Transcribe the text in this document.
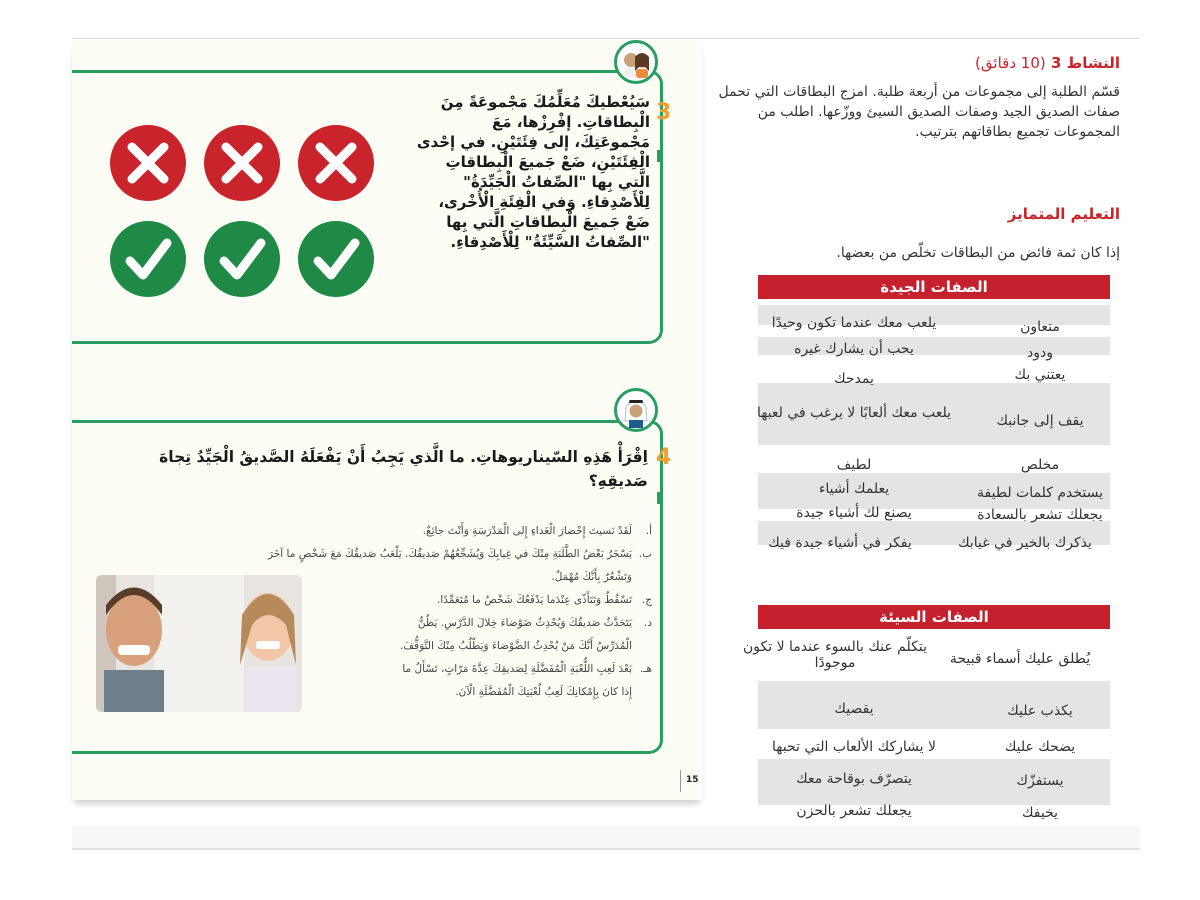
3
سَيُعْطيكَ مُعَلِّمُكَ مَجْموعَةً مِنَ الْبِطاقاتِ. إفْرِزْها، مَعَ مَجْموعَتِكَ، إلى فِئَتَيْنِ. في إحْدى الْفِئَتَيْنِ، ضَعْ جَميعَ الْبِطاقاتِ الَّتي بِها "الصِّفاتُ الْجَيِّدَةُ" لِلْأَصْدِقاءِ. وَفي الْفِئَةِ الْأُخْرى، ضَعْ جَميعَ الْبِطاقاتِ الَّتي بِها "الصِّفاتُ السَّيِّئَةُ" لِلْأَصْدِقاءِ.
4
اِقْرَأْ هَذِهِ السّيناريوهاتِ. ما الَّذي يَجِبُ أَنْ يَفْعَلَهُ الصَّديقُ الْجَيِّدُ تِجاهَ صَديقِهِ؟
أ.
لَقَدْ نَسيتَ إِحْضارَ الْغَداءِ إِلى الْمَدْرَسَةِ وَأَنْتَ جائِعٌ.
ب.
يَسْخَرُ بَعْضُ الطَّلَبَةِ مِنْكَ في غِيابِكَ وَيُشَجِّعُهُمْ صَديقُكَ. يَلْعَبُ صَديقُكَ مَعَ شَخْصٍ ما آخَرَ
وَتَشْعُرُ بِأَنَّكَ مُهْمَلٌ.
ج.
تَسْقُطُ وَتَتَأَذّى عِنْدَما يَدْفَعُكَ شَخْصٌ ما مُتَعَمِّدًا.
د.
يَتَحَدَّثُ صَديقُكَ وَيُحْدِثُ ضَوْضاءَ خِلالَ الدَّرْسِ. يَظُنُّ
الْمُدَرِّسُ أَنَّكَ مَنْ يُحْدِثُ الضَّوْضاءَ وَيَطْلُبُ مِنْكَ التَّوَقُّفَ.
هـ.
بَعْدَ لَعِبِ اللُّعْبَةِ الْمُفَضَّلَةِ لِصَديقِكَ عِدَّةَ مَرّاتٍ، تَسْأَلُ ما
إِذا كانَ بِإِمْكانِكَ لَعِبُ لُعْبَتِكَ الْمُفَضَّلَةِ الْآنَ.
15
النشاط 3 (10 دقائق)
قسّم الطلبة إلى مجموعات من أربعة طلبة. امزج البطاقات التي تحمل صفات الصديق الجيد وصفات الصديق السيئ ووزّعها. اطلب من المجموعات تجميع بطاقاتهم بترتيب.
التعليم المتمايز
إذا كان ثمة فائض من البطاقات تخلّص من بعضها.
الصفات الجيدة
متعاون
يلعب معك عندما تكون وحيدًا
ودود
يحب أن يشارك غيره
يعتني بك
يمدحك
يقف إلى جانبك
يلعب معك ألعابًا لا يرغب في لعبها
مخلص
لطيف
يستخدم كلمات لطيفة
يعلمك أشياء
يجعلك تشعر بالسعادة
يصنع لك أشياء جيدة
يذكرك بالخير في غيابك
يفكر في أشياء جيدة فيك
الصفات السيئة
يُطلق عليك أسماء قبيحة
يتكلّم عنك بالسوء عندما لا تكون موجودًا
يكذب عليك
يقصيك
يضحك عليك
لا يشاركك الألعاب التي تحبها
يستفزّك
يتصرّف بوقاحة معك
يخيفك
يجعلك تشعر بالحزن
